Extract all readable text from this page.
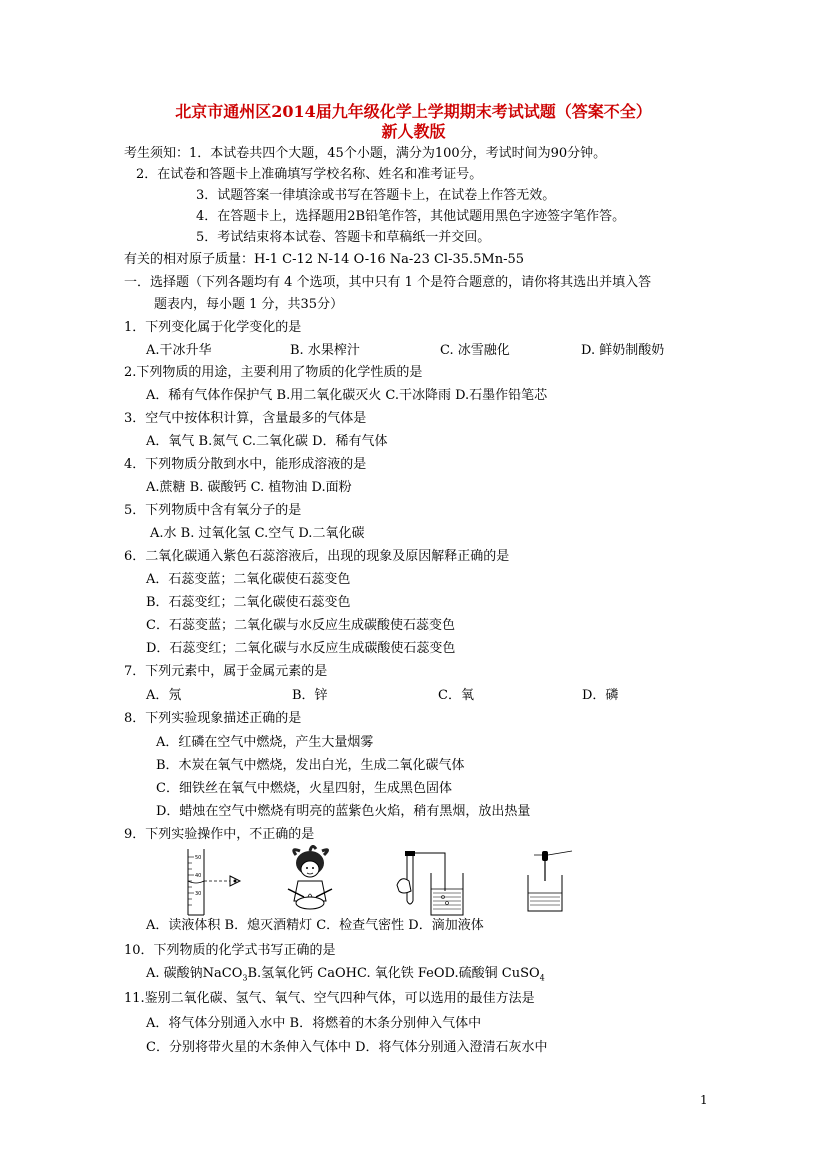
北京市通州区2014届九年级化学上学期期末考试试题（答案不全）
新人教版
考生须知：1．本试卷共四个大题，45个小题，满分为100分，考试时间为90分钟。
2．在试卷和答题卡上准确填写学校名称、姓名和准考证号。
3．试题答案一律填涂或书写在答题卡上，在试卷上作答无效。
4．在答题卡上，选择题用2B铅笔作答，其他试题用黑色字迹签字笔作答。
5．考试结束将本试卷、答题卡和草稿纸一并交回。
有关的相对原子质量：H-1 C-12 N-14 O-16 Na-23 Cl-35.5Mn-55
一．选择题（下列各题均有 4 个选项，其中只有 1 个是符合题意的，请你将其选出并填入答
题表内，每小题 1 分，共35分）
1．下列变化属于化学变化的是
A.干冰升华	B. 水果榨汁	C. 冰雪融化	D. 鲜奶制酸奶
2.下列物质的用途，主要利用了物质的化学性质的是
A．稀有气体作保护气 B.用二氧化碳灭火 C.干冰降雨 D.石墨作铅笔芯
3．空气中按体积计算，含量最多的气体是
A．氧气 B.氮气 C.二氧化碳 D．稀有气体
4．下列物质分散到水中，能形成溶液的是
A.蔗糖 B. 碳酸钙 C. 植物油 D.面粉
5．下列物质中含有氧分子的是
A.水 B. 过氧化氢 C.空气 D.二氧化碳
6．二氧化碳通入紫色石蕊溶液后，出现的现象及原因解释正确的是
A．石蕊变蓝；二氧化碳使石蕊变色
B．石蕊变红；二氧化碳使石蕊变色
C．石蕊变蓝；二氧化碳与水反应生成碳酸使石蕊变色
D．石蕊变红；二氧化碳与水反应生成碳酸使石蕊变色
7．下列元素中，属于金属元素的是
A．氖	B．锌	C．氧	D．磷
8．下列实验现象描述正确的是
A．红磷在空气中燃烧，产生大量烟雾
B．木炭在氧气中燃烧，发出白光，生成二氧化碳气体
C．细铁丝在氧气中燃烧，火星四射，生成黑色固体
D．蜡烛在空气中燃烧有明亮的蓝紫色火焰，稍有黑烟，放出热量
9．下列实验操作中，不正确的是
50
40
30
A．读液体积 B．熄灭酒精灯 C．检查气密性 D．滴加液体
10．下列物质的化学式书写正确的是
A. 碳酸钠NaCO$_3$B.氢氧化钙 CaOHC. 氧化铁 FeOD.硫酸铜 CuSO$_4$
11.鉴别二氧化碳、氢气、氧气、空气四种气体，可以选用的最佳方法是
A．将气体分别通入水中 B．将燃着的木条分别伸入气体中
C．分别将带火星的木条伸入气体中 D．将气体分别通入澄清石灰水中
1
